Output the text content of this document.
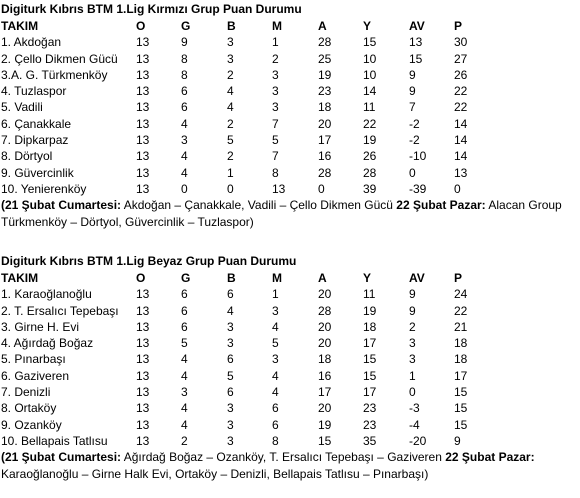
Digiturk Kıbrıs BTM 1.Lig Kırmızı Grup Puan Durumu
TAKIM	O	G	B	M	A	Y	AV P
1. Akdoğan	13	9	3	1	28	15	13	30
2. Çello Dikmen Gücü 13	8	3	2	25	10	15	27
3.A. G. Türkmenköy 13	8	2	3	19	10	9	26
4. Tuzlaspor	13	6	4	3	23	14	9	22
5. Vadili	13	6	4	3	18	11	7	22
6. Çanakkale	13	4	2	7	20	22	-2	14
7. Dipkarpaz	13	3	5	5	17	19	-2	14
8. Dörtyol	13	4	2	7	16	26	-10 14
9. Güvercinlik	13	4	1	8	28	28	0	13
10. Yenierenköy	13	0	0	13	0	39	-39 0
(21 Şubat Cumartesi: Akdoğan – Çanakkale, Vadili – Çello Dikmen Gücü 22 Şubat Pazar: Alacan Group Türkmenköy – Dörtyol, Güvercinlik – Tuzlaspor)
Digiturk Kıbrıs BTM 1.Lig Beyaz Grup Puan Durumu
TAKIM	O	G	B	M	A	Y	AV P
1. Karaoğlanoğlu	13	6	6	1	20	11	9	24
2. T. Ersalıcı Tepebaşı 13	6	4	3	28	19	9	22
3. Girne H. Evi	13	6	3	4	20	18	2	21
4. Ağırdağ Boğaz	13	5	3	5	20	17	3	18
5. Pınarbaşı	13	4	6	3	18	15	3	18
6. Gaziveren	13	4	5	4	16	15	1	17
7. Denizli	13	3	6	4	17	17	0	15
8. Ortaköy	13	4	3	6	20	23	-3	15
9. Ozanköy	13	4	3	6	19	23	-4	15
10. Bellapais Tatlısu 13	2	3	8	15	35	-20 9
(21 Şubat Cumartesi: Ağırdağ Boğaz – Ozanköy, T. Ersalıcı Tepebaşı – Gaziveren 22 Şubat Pazar: Karaoğlanoğlu – Girne Halk Evi, Ortaköy – Denizli, Bellapais Tatlısu – Pınarbaşı)
